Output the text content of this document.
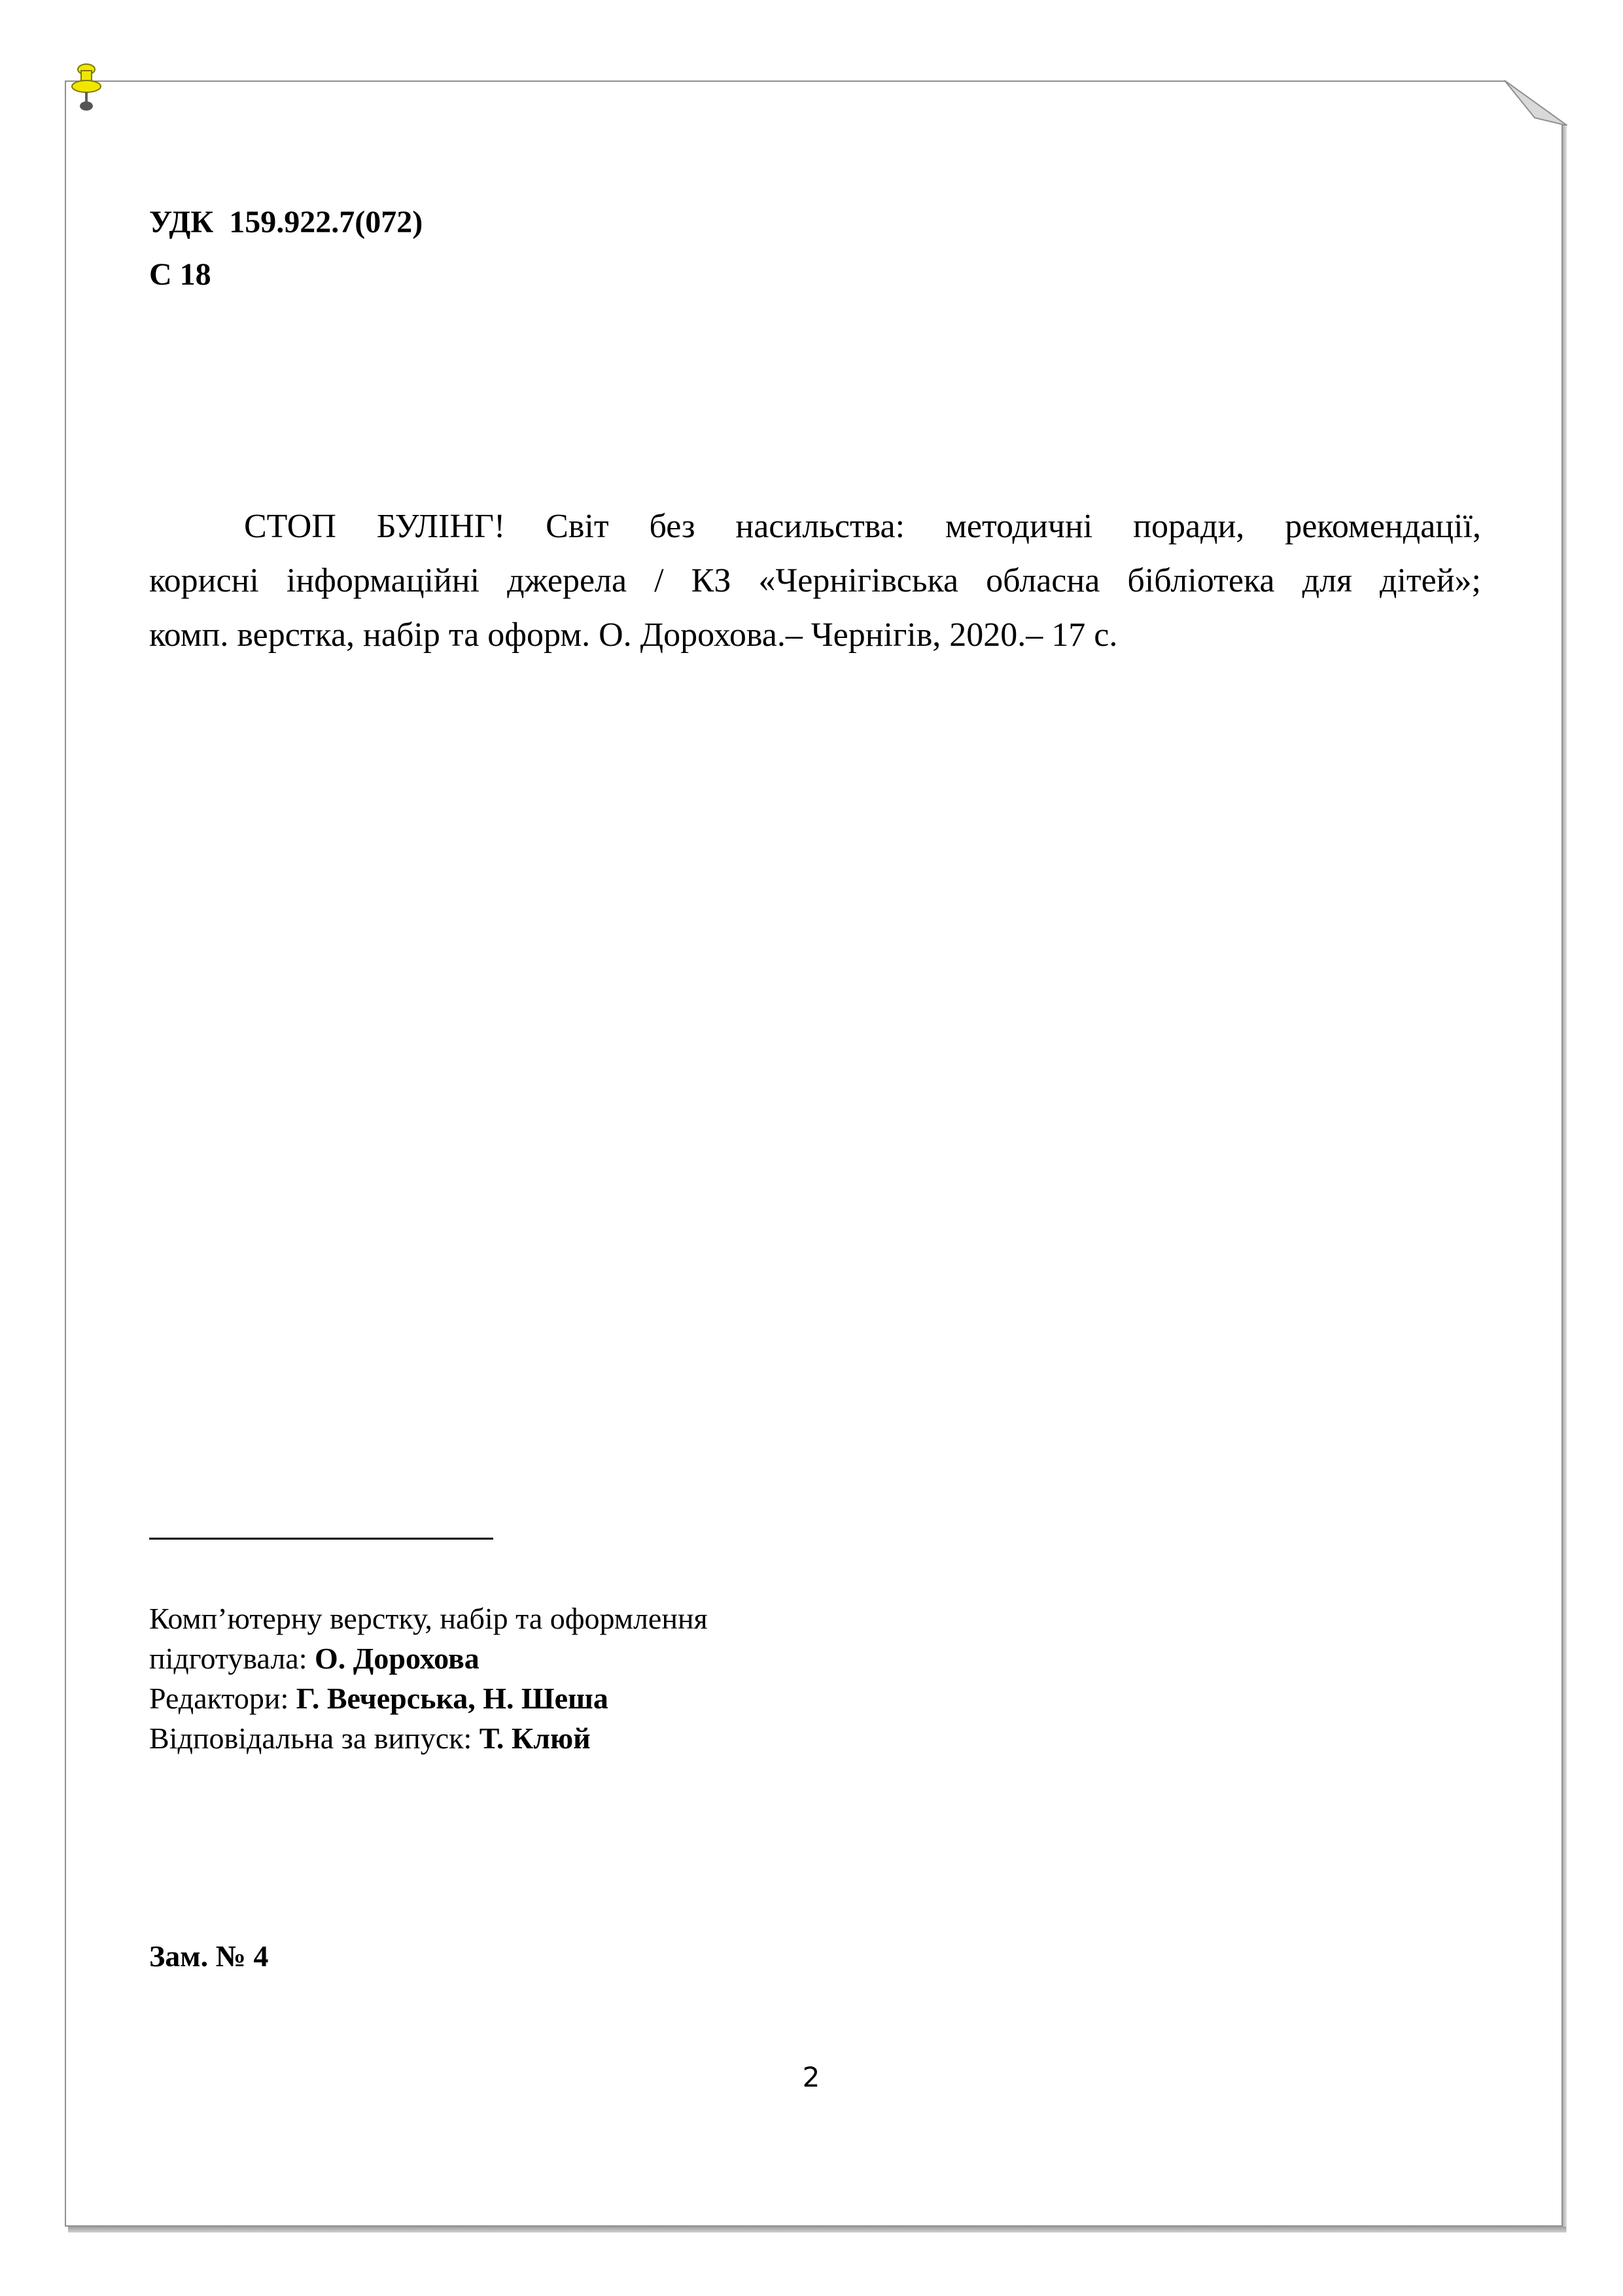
УДК  159.922.7(072)
С 18
СТОП БУЛІНГ! Світ без насильства: методичні поради, рекомендації,
корисні інформаційні джерела / КЗ «Чернігівська обласна бібліотека для дітей»;
комп. верстка, набір та оформ. О. Дорохова.– Чернігів, 2020.– 17 с.
Комп’ютерну верстку, набір та оформлення
підготувала: О. Дорохова
Редактори: Г. Вечерська, Н. Шеша
Відповідальна за випуск: Т. Клюй
Зам. № 4
2
